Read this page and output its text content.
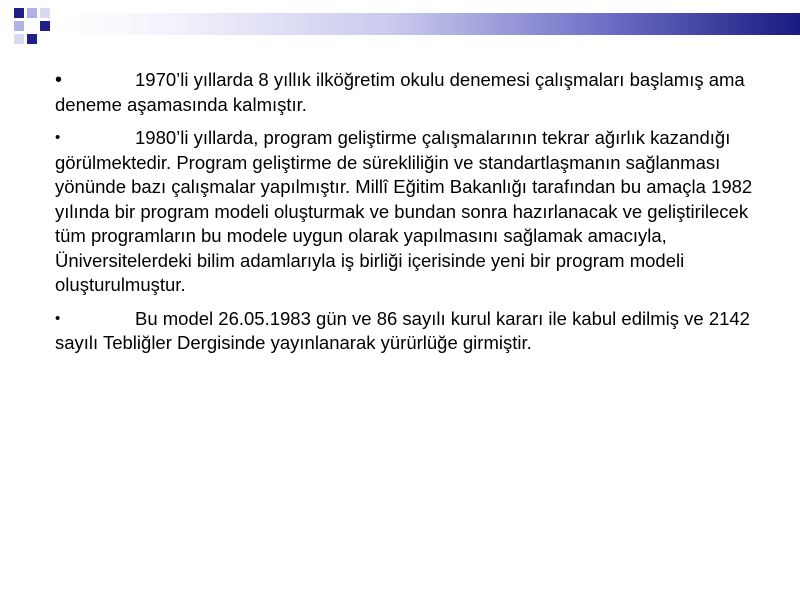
•	1970’li yıllarda 8 yıllık ilköğretim okulu denemesi çalışmaları başlamış ama deneme aşamasında kalmıştır.

•	1980’li yıllarda, program geliştirme çalışmalarının tekrar ağırlık kazandığı görülmektedir. Program geliştirme de sürekliliğin ve standartlaşmanın sağlanması yönünde bazı çalışmalar yapılmıştır. Millî Eğitim Bakanlığı tarafından bu amaçla 1982 yılında bir program modeli oluşturmak ve bundan sonra hazırlanacak ve geliştirilecek tüm programların bu modele uygun olarak yapılmasını sağlamak amacıyla, Üniversitelerdeki bilim adamlarıyla iş birliği içerisinde yeni bir program modeli oluşturulmuştur.

•	Bu model 26.05.1983 gün ve 86 sayılı kurul kararı ile kabul edilmiş ve 2142 sayılı Tebliğler Dergisinde yayınlanarak yürürlüğe girmiştir.
